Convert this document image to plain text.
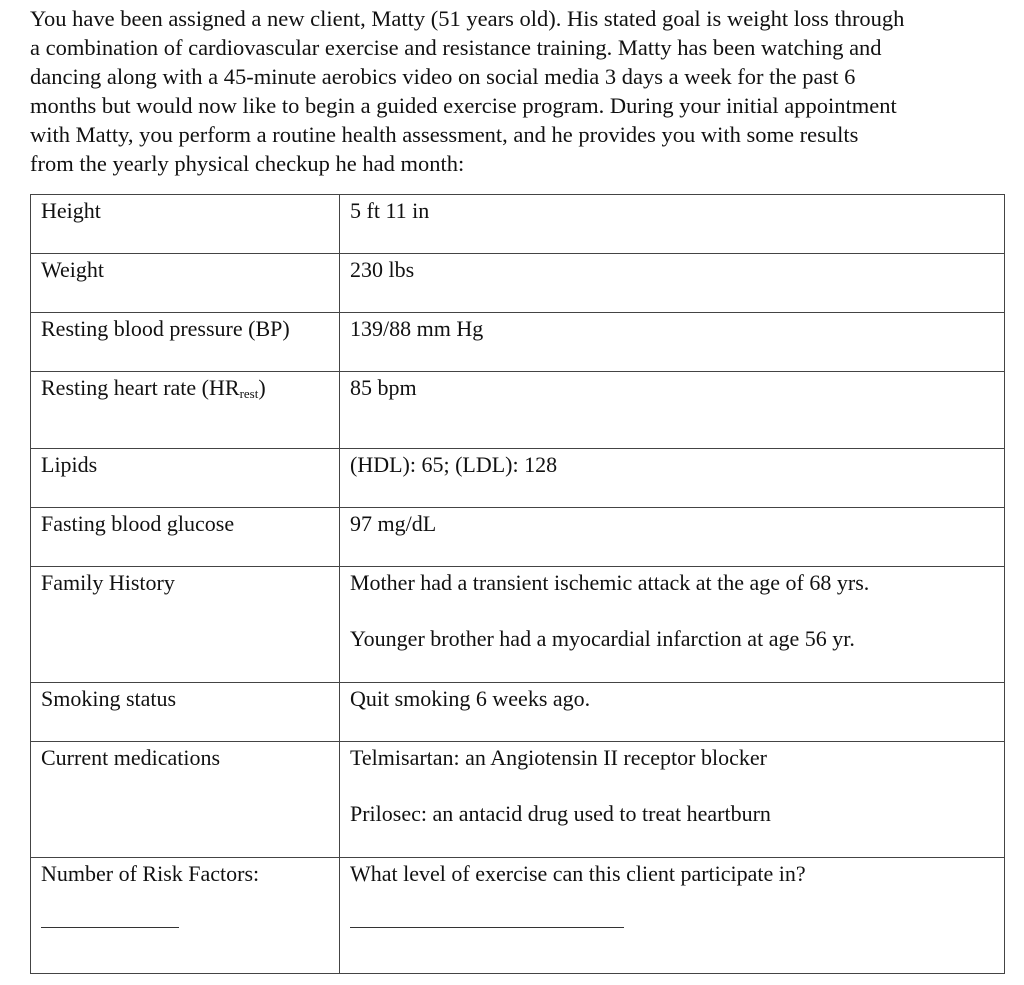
You have been assigned a new client, Matty (51 years old). His stated goal is weight loss through
a combination of cardiovascular exercise and resistance training. Matty has been watching and
dancing along with a 45-minute aerobics video on social media 3 days a week for the past 6
months but would now like to begin a guided exercise program. During your initial appointment
with Matty, you perform a routine health assessment, and he provides you with some results
from the yearly physical checkup he had month:

Height	5 ft 11 in
Weight	230 lbs
Resting blood pressure (BP)	139/88 mm Hg
Resting heart rate $(HR_{rest})$	85 bpm
Lipids	(HDL): 65; (LDL): 128
Fasting blood glucose	97 mg/dL
Family History	Mother had a transient ischemic attack at the age of 68 yrs.
Younger brother had a myocardial infarction at age 56 yr.

Smoking status	Quit smoking 6 weeks ago.
Current medications	Telmisartan: an Angiotensin II receptor blocker
Prilosec: an antacid drug used to treat heartburn

Number of Risk Factors:	What level of exercise can this client participate in?
